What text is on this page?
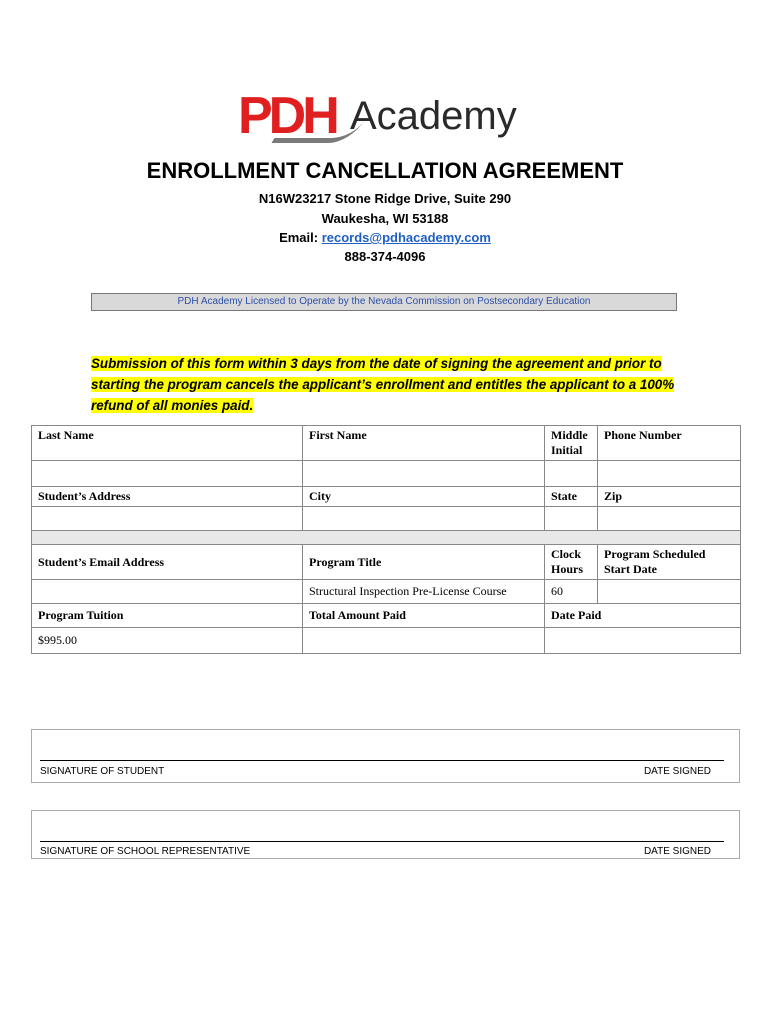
PDH Academy
ENROLLMENT CANCELLATION AGREEMENT
N16W23217 Stone Ridge Drive, Suite 290
Waukesha, WI 53188
Email: records@pdhacademy.com
888-374-4096
PDH Academy Licensed to Operate by the Nevada Commission on Postsecondary Education
Submission of this form within 3 days from the date of signing the agreement and prior to
starting the program cancels the applicant’s enrollment and entitles the applicant to a 100%
refund of all monies paid.
Last Name	First Name	Middle Initial	Phone Number

Student’s Address	City	State	Zip

Student’s Email Address	Program Title	Clock Hours	Program Scheduled Start Date
	Structural Inspection Pre-License Course	60	
Program Tuition	Total Amount Paid	Date Paid	
$995.00			
SIGNATURE OF STUDENT	DATE SIGNED
SIGNATURE OF SCHOOL REPRESENTATIVE	DATE SIGNED
